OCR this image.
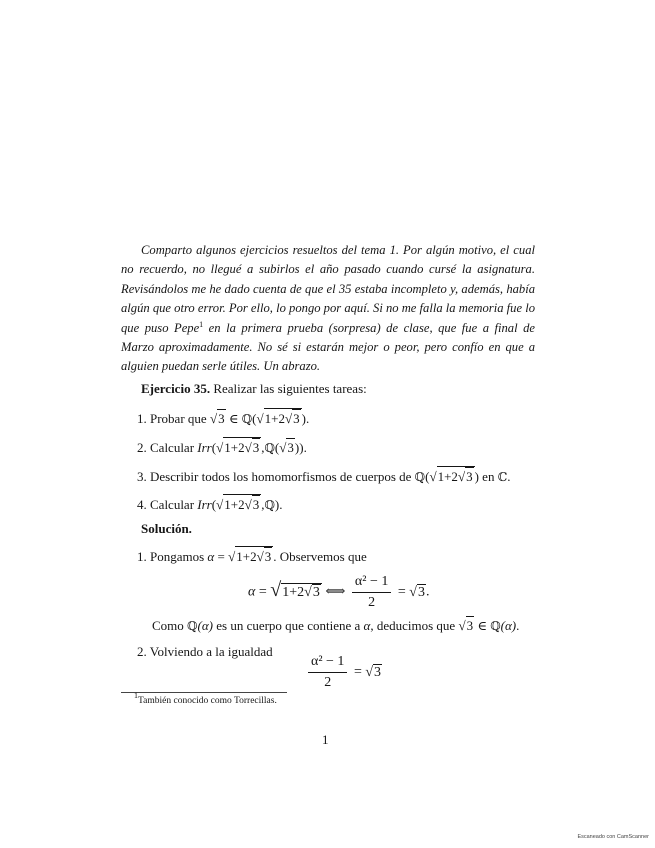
Comparto algunos ejercicios resueltos del tema 1. Por algún motivo, el cual no recuerdo, no llegué a subirlos el año pasado cuando cursé la asignatura. Revisándolos me he dado cuenta de que el 35 estaba incompleto y, además, había algún que otro error. Por ello, lo pongo por aquí. Si no me falla la memoria fue lo que puso Pepe$^1$ en la primera prueba (sorpresa) de clase, que fue a final de Marzo aproximadamente. No sé si estarán mejor o peor, pero confío en que a alguien puedan serle útiles. Un abrazo.

Ejercicio 35. Realizar las siguientes tareas:
1. Probar que √3 ∈ ℚ(√1+2√3 ).
2. Calcular Irr(√1+2√3 ,ℚ(√3)).
3. Describir todos los homomorfismos de cuerpos de ℚ(√1+2√3 ) en ℂ.
4. Calcular Irr(√1+2√3 ,ℚ).
Solución.
1. Pongamos α = √1+2√3 . Observemos que
α = √1+2√3 ⟺ $\frac{\text{α² − 1}}{2} = √3$.
Como ℚ(α) es un cuerpo que contiene a α, deducimos que √3 ∈ ℚ(α).
2. Volviendo a la igualdad
$\frac{\text{α² − 1}}{2} = √3$
$^1$También conocido como Torrecillas.
1
Escaneado con CamScanner
